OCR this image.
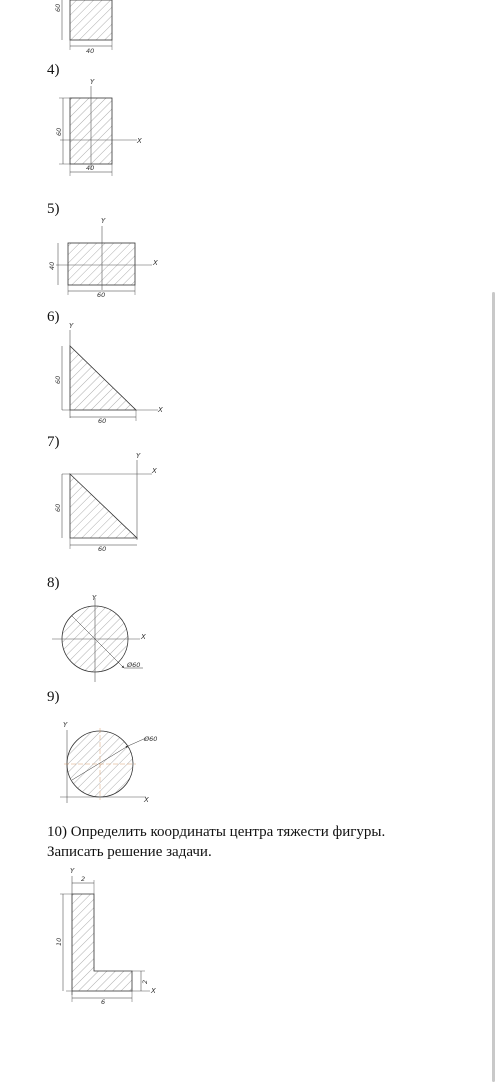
60
40
Y
X
60
40
Y
X
40
60
Y
X
60
60
Y
X
60
60
Y
X
Ø60
Y
X
Ø60
Y
X
2
10
2
6
4)
5)
6)
7)
8)
9)
10) Определить координаты центра тяжести фигуры.
Записать решение задачи.
